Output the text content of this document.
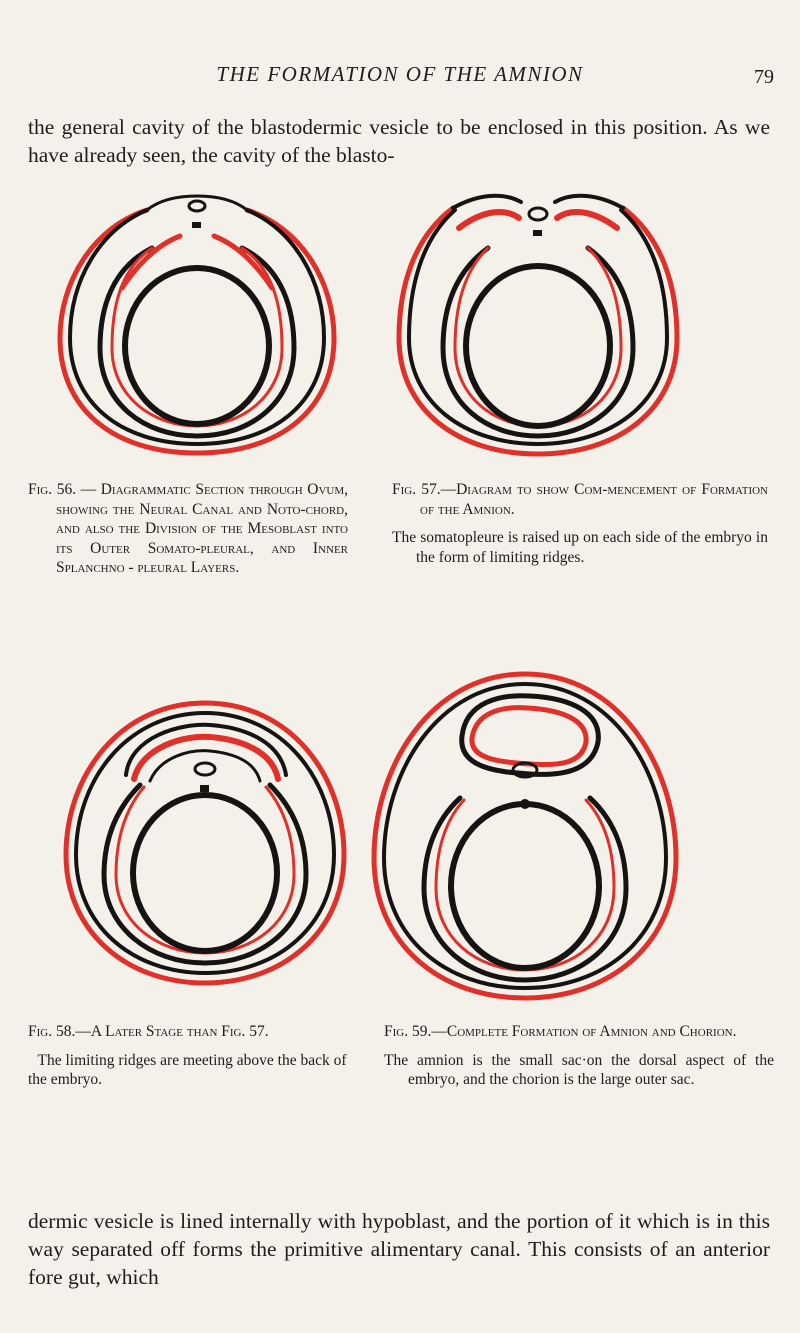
THE FORMATION OF THE AMNION	79
the general cavity of the blastodermic vesicle to be enclosed in this position. As we have already seen, the cavity of the blasto-
Fig. 56. — Diagrammatic Section through Ovum, showing the Neural Canal and Noto-chord, and also the Division of the Mesoblast into its Outer Somato-pleural, and Inner Splanchno - pleural Layers.
Fig. 57.—Diagram to show Com-mencement of Formation of the Amnion.
The somatopleure is raised up on each side of the embryo in the form of limiting ridges.
Fig. 58.—A Later Stage than Fig. 57.
The limiting ridges are meeting above the back of the embryo.
Fig. 59.—Complete Formation of Amnion and Chorion.
The amnion is the small sac·on the dorsal aspect of the embryo, and the chorion is the large outer sac.
dermic vesicle is lined internally with hypoblast, and the portion of it which is in this way separated off forms the primitive alimentary canal. This consists of an anterior fore gut, which
